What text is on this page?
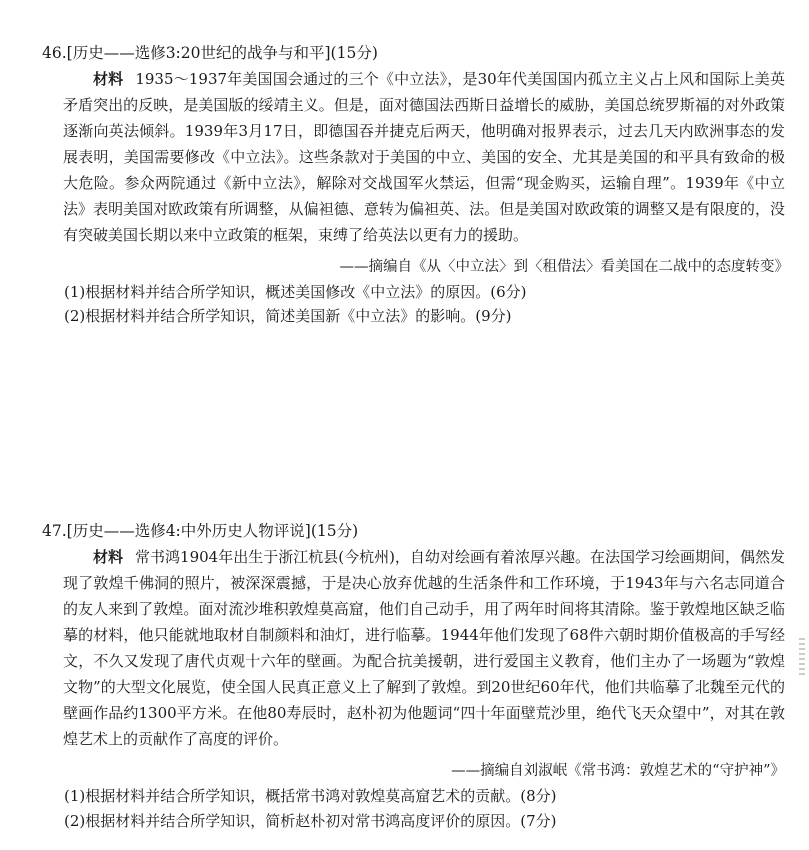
46.[历史——选修3:20世纪的战争与和平](15分)
材料 1935～1937年美国国会通过的三个《中立法》，是30年代美国国内孤立主义占上风和国际上美英矛盾突出的反映，是美国版的绥靖主义。但是，面对德国法西斯日益增长的威胁，美国总统罗斯福的对外政策逐渐向英法倾斜。1939年3月17日，即德国吞并捷克后两天，他明确对报界表示，过去几天内欧洲事态的发展表明，美国需要修改《中立法》。这些条款对于美国的中立、美国的安全、尤其是美国的和平具有致命的极大危险。参众两院通过《新中立法》，解除对交战国军火禁运，但需“现金购买，运输自理”。1939年《中立法》表明美国对欧政策有所调整，从偏袒德、意转为偏袒英、法。但是美国对欧政策的调整又是有限度的，没有突破美国长期以来中立政策的框架，束缚了给英法以更有力的援助。
——摘编自《从〈中立法〉到〈租借法〉看美国在二战中的态度转变》
(1)根据材料并结合所学知识，概述美国修改《中立法》的原因。(6分)
(2)根据材料并结合所学知识，简述美国新《中立法》的影响。(9分)
47.[历史——选修4:中外历史人物评说](15分)
材料 常书鸿1904年出生于浙江杭县(今杭州)，自幼对绘画有着浓厚兴趣。在法国学习绘画期间，偶然发现了敦煌千佛洞的照片，被深深震撼，于是决心放弃优越的生活条件和工作环境，于1943年与六名志同道合的友人来到了敦煌。面对流沙堆积敦煌莫高窟，他们自己动手，用了两年时间将其清除。鉴于敦煌地区缺乏临摹的材料，他只能就地取材自制颜料和油灯，进行临摹。1944年他们发现了68件六朝时期价值极高的手写经文，不久又发现了唐代贞观十六年的壁画。为配合抗美援朝，进行爱国主义教育，他们主办了一场题为“敦煌文物”的大型文化展览，使全国人民真正意义上了解到了敦煌。到20世纪60年代，他们共临摹了北魏至元代的壁画作品约1300平方米。在他80寿辰时，赵朴初为他题词“四十年面壁荒沙里，绝代飞天众望中”，对其在敦煌艺术上的贡献作了高度的评价。
——摘编自刘淑岷《常书鸿：敦煌艺术的“守护神”》
(1)根据材料并结合所学知识，概括常书鸿对敦煌莫高窟艺术的贡献。(8分)
(2)根据材料并结合所学知识，简析赵朴初对常书鸿高度评价的原因。(7分)
